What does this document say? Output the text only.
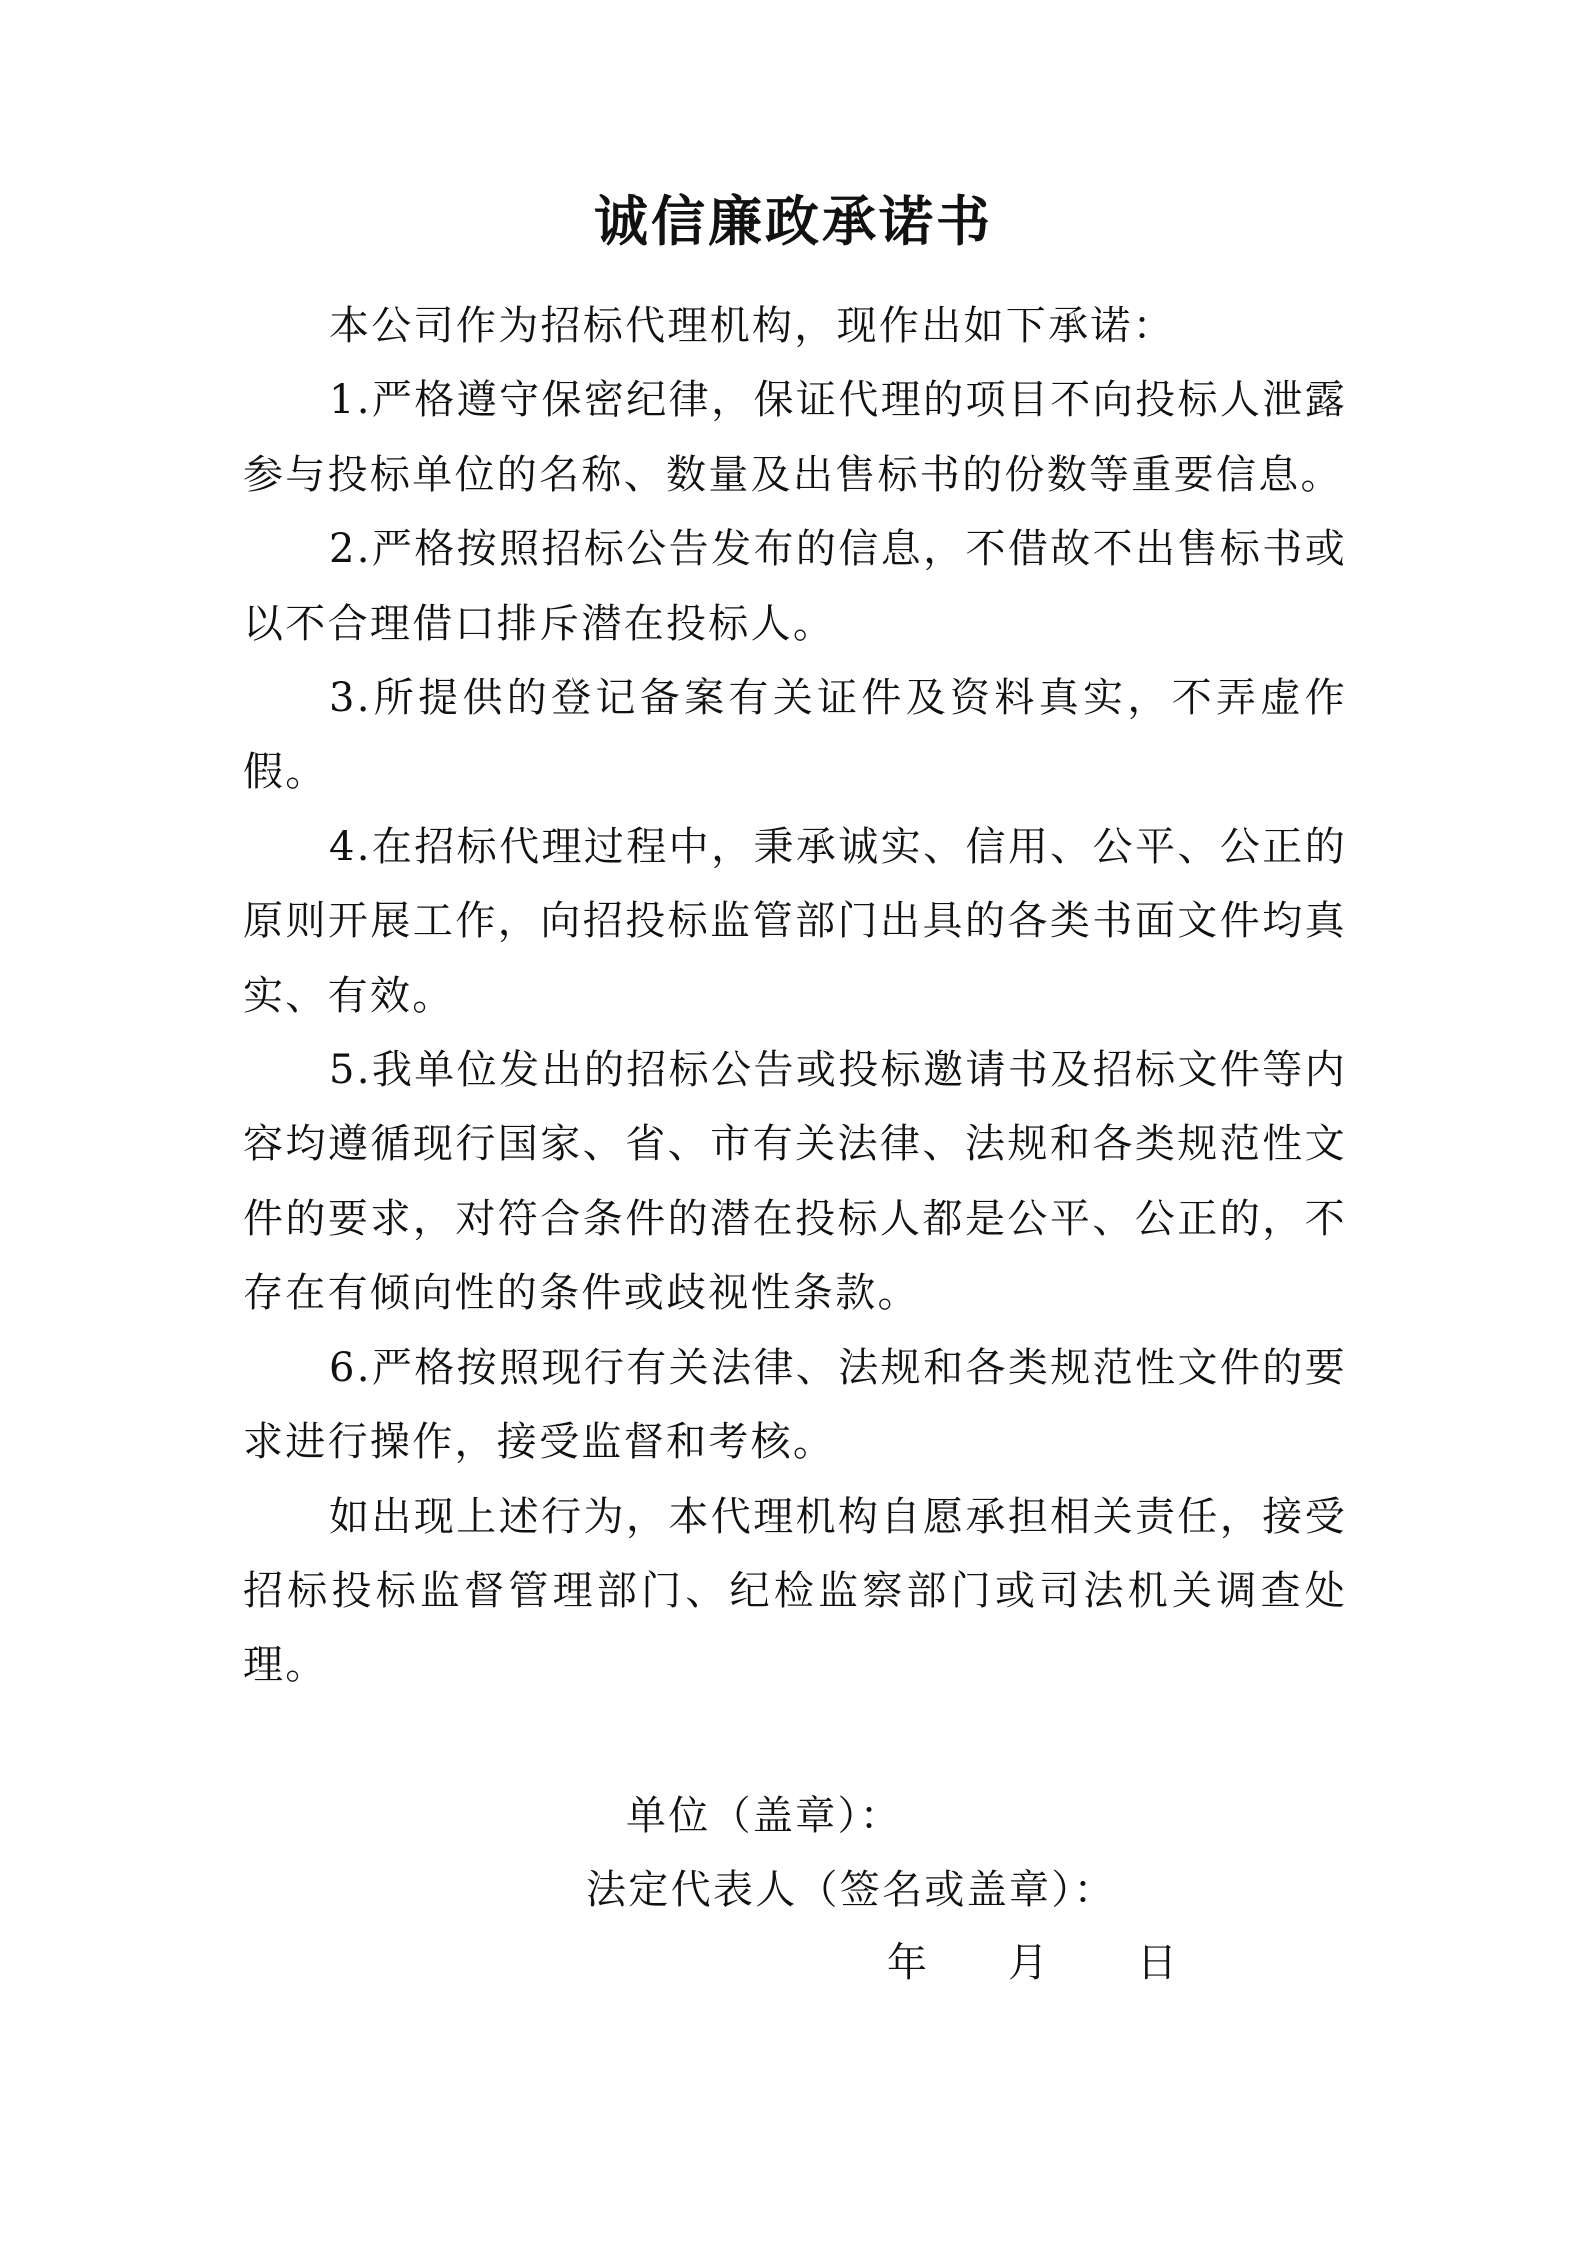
诚信廉政承诺书

本公司作为招标代理机构，现作出如下承诺：

1.严格遵守保密纪律，保证代理的项目不向投标人泄露参与投标单位的名称、数量及出售标书的份数等重要信息。

2.严格按照招标公告发布的信息，不借故不出售标书或以不合理借口排斥潜在投标人。

3.所提供的登记备案有关证件及资料真实，不弄虚作假。

4.在招标代理过程中，秉承诚实、信用、公平、公正的原则开展工作，向招投标监管部门出具的各类书面文件均真实、有效。

5.我单位发出的招标公告或投标邀请书及招标文件等内容均遵循现行国家、省、市有关法律、法规和各类规范性文件的要求，对符合条件的潜在投标人都是公平、公正的，不存在有倾向性的条件或歧视性条款。

6.严格按照现行有关法律、法规和各类规范性文件的要求进行操作，接受监督和考核。

如出现上述行为，本代理机构自愿承担相关责任，接受招标投标监督管理部门、纪检监察部门或司法机关调查处理。

单位（盖章）：
法定代表人（签名或盖章）：
年 月 日
